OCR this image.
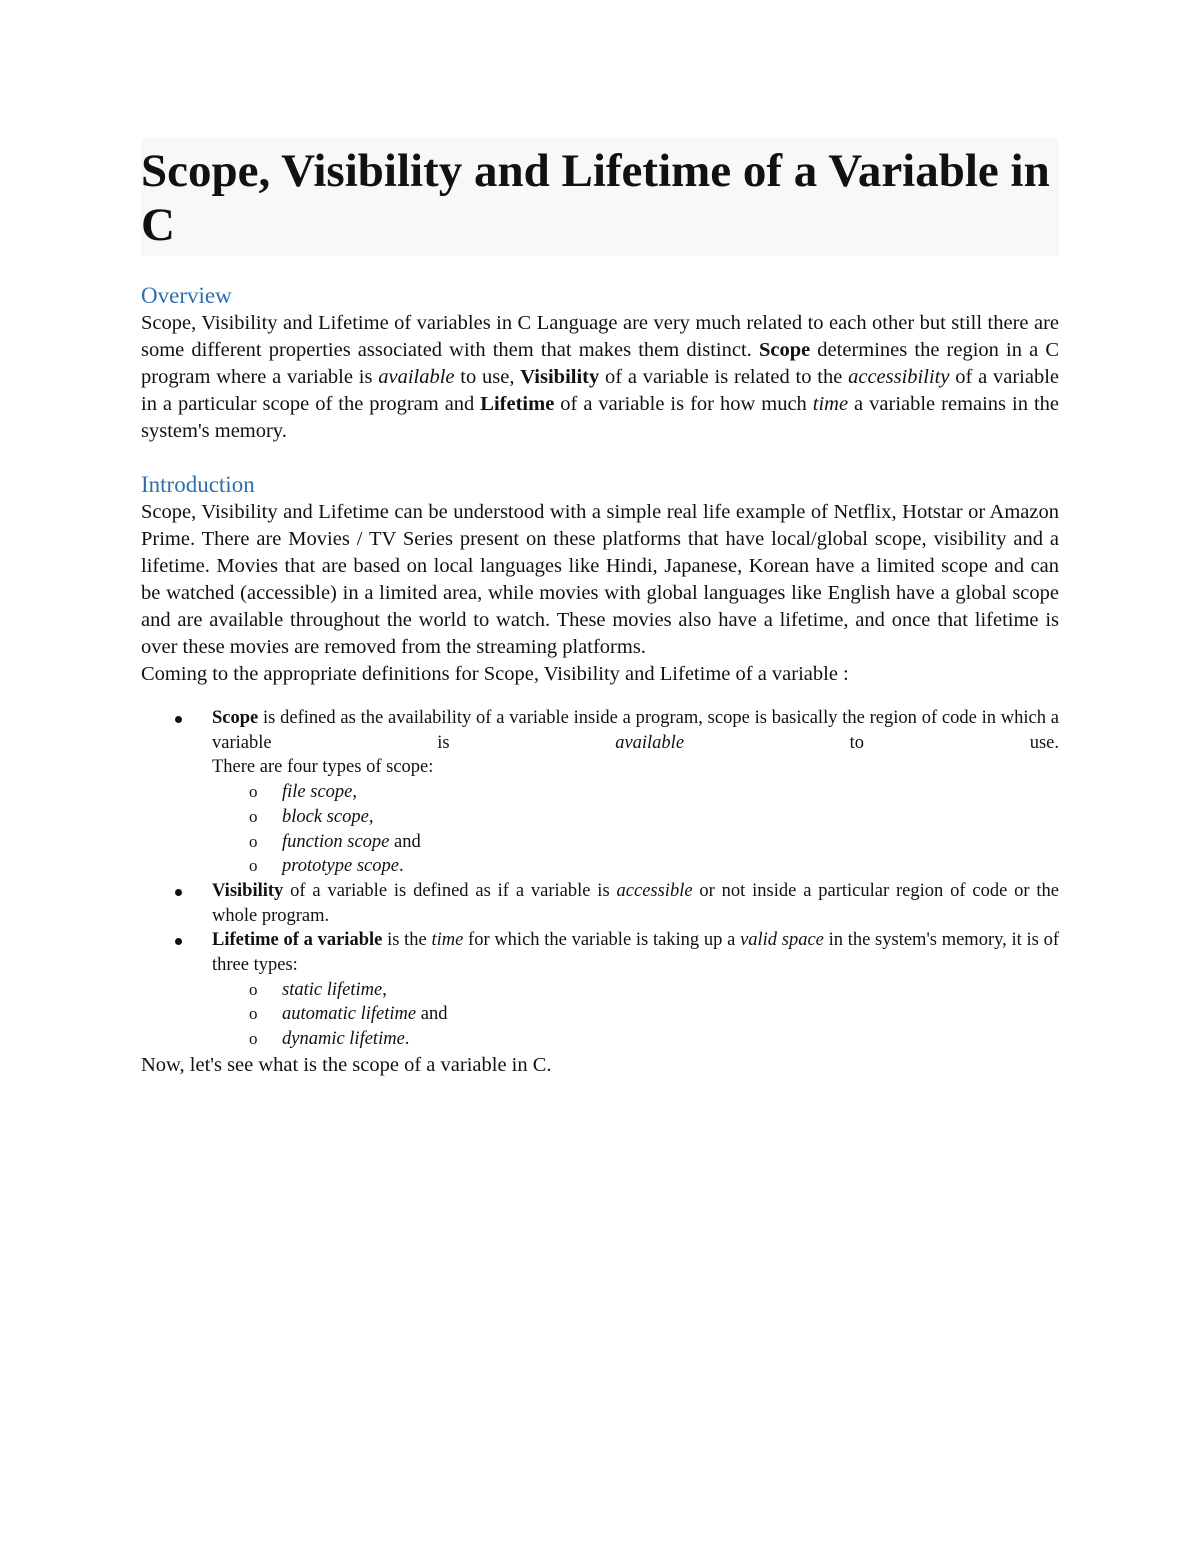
Scope, Visibility and Lifetime of a Variable in C
Overview

Scope, Visibility and Lifetime of variables in C Language are very much related to each other but still there are some different properties associated with them that makes them distinct. Scope determines the region in a C program where a variable is available to use, Visibility of a variable is related to the accessibility of a variable in a particular scope of the program and Lifetime of a variable is for how much time a variable remains in the system's memory.

Introduction

Scope, Visibility and Lifetime can be understood with a simple real life example of Netflix, Hotstar or Amazon Prime. There are Movies / TV Series present on these platforms that have local/global scope, visibility and a lifetime. Movies that are based on local languages like Hindi, Japanese, Korean have a limited scope and can be watched (accessible) in a limited area, while movies with global languages like English have a global scope and are available throughout the world to watch. These movies also have a lifetime, and once that lifetime is over these movies are removed from the streaming platforms.

Coming to the appropriate definitions for Scope, Visibility and Lifetime of a variable :

Scope is defined as the availability of a variable inside a program, scope is basically the region of code in which a variable is available to use.
There are four types of scope:
o file scope,
o block scope,
o function scope and
o prototype scope.
Visibility of a variable is defined as if a variable is accessible or not inside a particular region of code or the whole program.
Lifetime of a variable is the time for which the variable is taking up a valid space in the system's memory, it is of three types:
o static lifetime,
o automatic lifetime and
o dynamic lifetime.

Now, let's see what is the scope of a variable in C.
